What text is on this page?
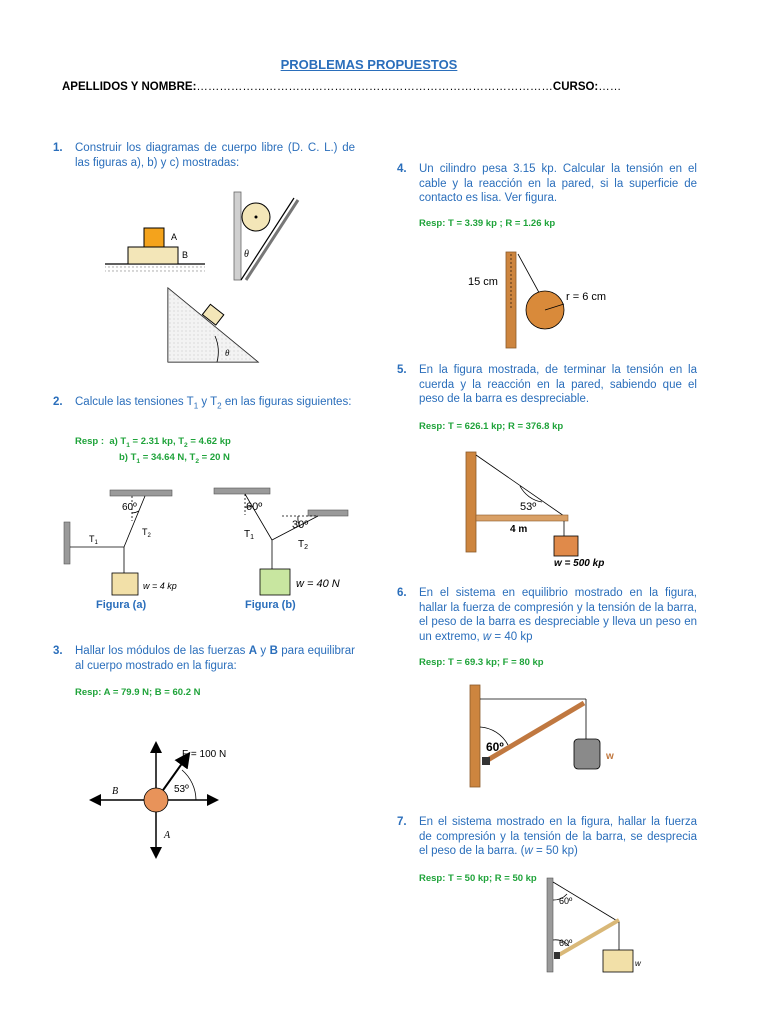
PROBLEMAS PROPUESTOS
APELLIDOS Y NOMBRE:…………………………………………………………………………………CURSO:……
1. Construir los diagramas de cuerpo libre (D. C. L.) de las figuras a), b) y c) mostradas:
A
B	θ
θ
2. Calcule las tensiones $T_1$ y $T_2$ en las figuras siguientes:
Resp : a) $T_1 = 2.31$ kp, $T_2 = 4.62$ kp
b) $T_1 = 34.64$ N, $T_2 = 20$ N
60º
$T_1$
$T_2$
w = 4 kp
Figura (a)
60º
30º
$T_1$
$T_2$
w = 40 N
Figura (b)
3. Hallar los módulos de las fuerzas A y B para equilibrar al cuerpo mostrado en la figura:
Resp: A = 79.9 N; B = 60.2 N
F = 100 N
53º
B
A
4. Un cilindro pesa 3.15 kp. Calcular la tensión en el cable y la reacción en la pared, si la superficie de contacto es lisa. Ver figura.
Resp: T = 3.39 kp ; R = 1.26 kp
15 cm
r = 6 cm
5. En la figura mostrada, de terminar la tensión en la cuerda y la reacción en la pared, sabiendo que el peso de la barra es despreciable.
Resp: T = 626.1 kp; R = 376.8 kp
53º
4 m
w = 500 kp
6. En el sistema en equilibrio mostrado en la figura, hallar la fuerza de compresión y la tensión de la barra, el peso de la barra es despreciable y lleva un peso en un extremo, w = 40 kp
Resp: T = 69.3 kp; F = 80 kp
60º
w
7. En el sistema mostrado en la figura, hallar la fuerza de compresión y la tensión de la barra, se desprecia el peso de la barra. (w = 50 kp)
Resp: T = 50 kp; R = 50 kp
60º
60º
w
